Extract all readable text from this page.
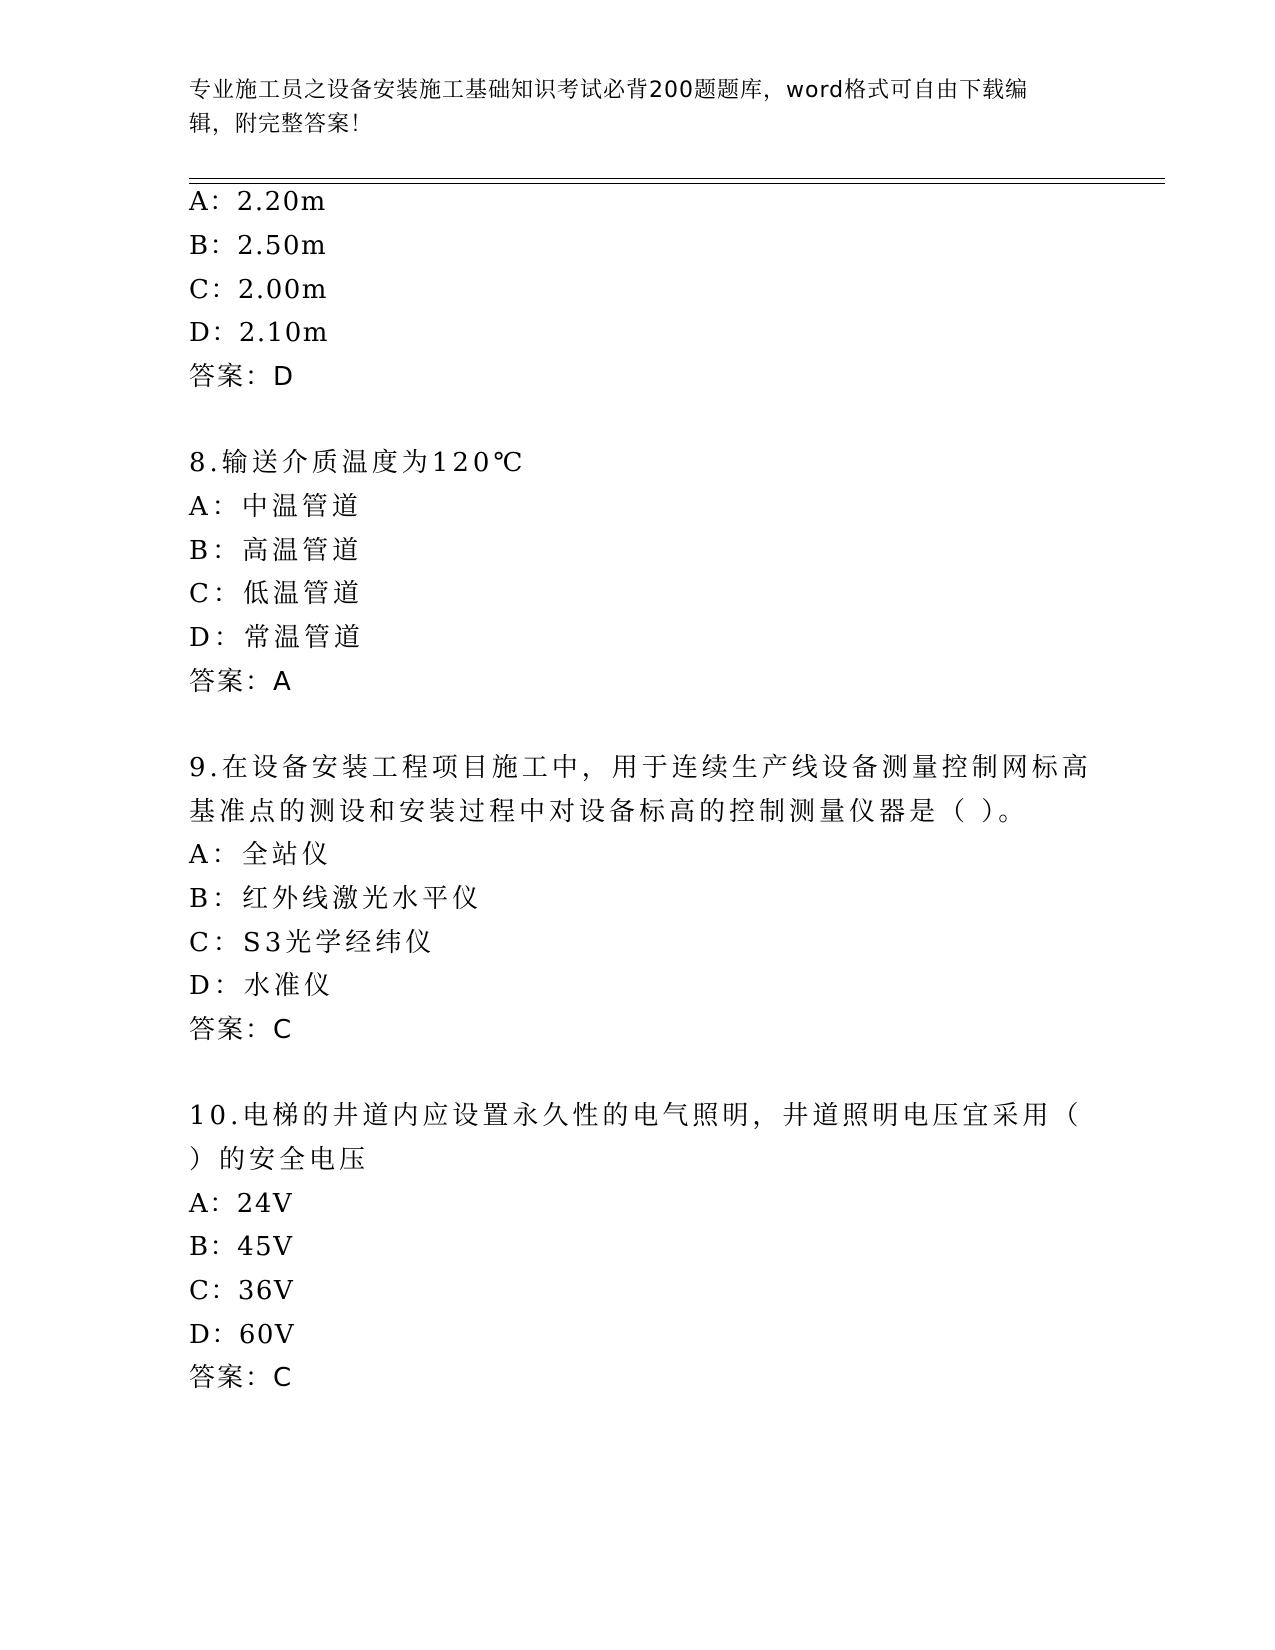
专业施工员之设备安装施工基础知识考试必背200题题库，word格式可自由下载编辑，附完整答案！
A：2.20m
B：2.50m
C：2.00m
D：2.10m
答案：D
8.输送介质温度为120℃
A：中温管道
B：高温管道
C：低温管道
D：常温管道
答案：A
9.在设备安装工程项目施工中，用于连续生产线设备测量控制网标高
基准点的测设和安装过程中对设备标高的控制测量仪器是（ ）。
A：全站仪
B：红外线激光水平仪
C：S3光学经纬仪
D：水准仪
答案：C
10.电梯的井道内应设置永久性的电气照明，井道照明电压宜采用（
）的安全电压
A：24V
B：45V
C：36V
D：60V
答案：C
